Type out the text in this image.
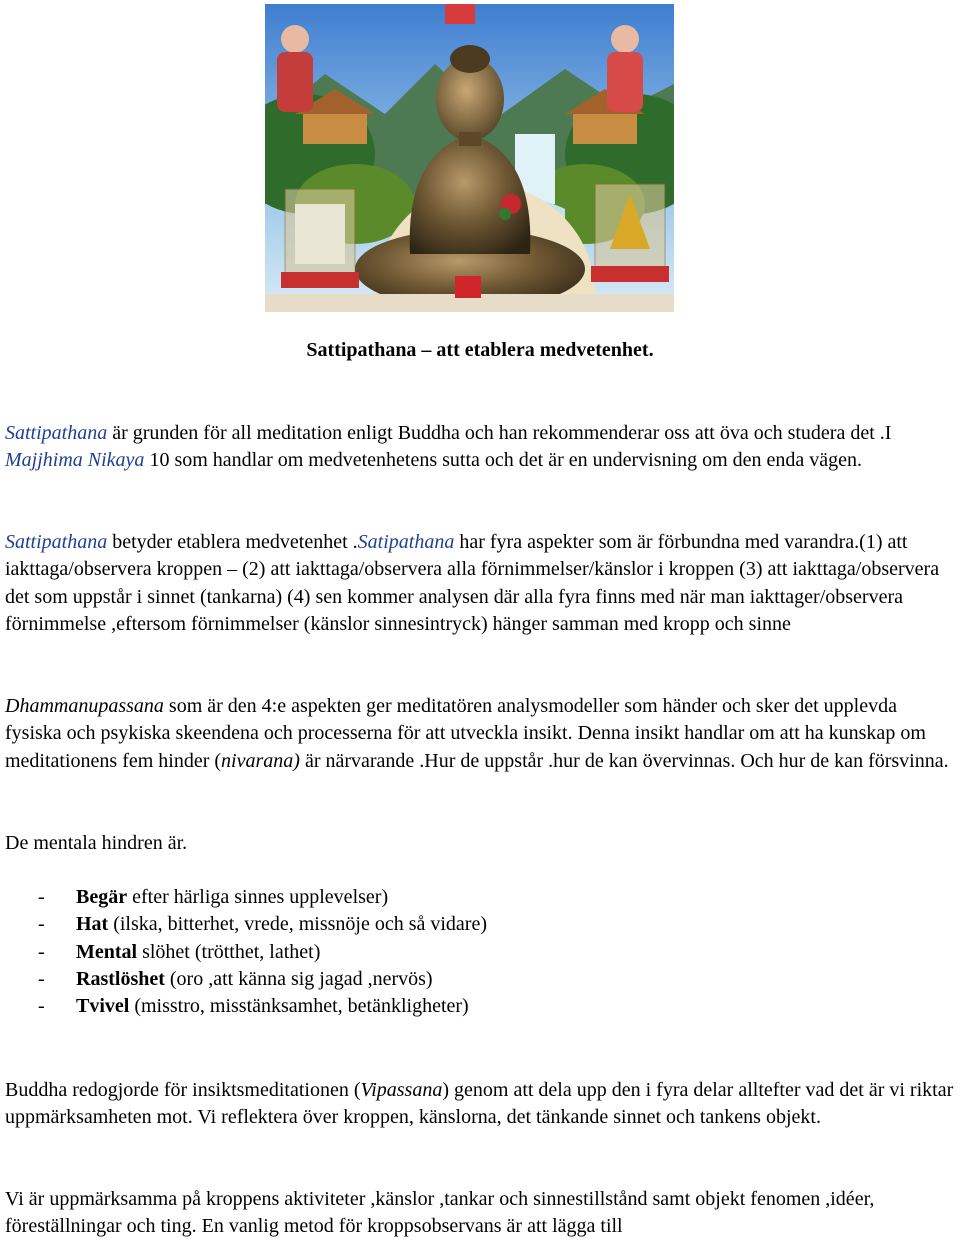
Sattipathana – att etablera medvetenhet.

Sattipathana är grunden för all meditation enligt Buddha och han rekommenderar oss att öva och studera det .I Majjhima Nikaya 10 som handlar om medvetenhetens sutta och det är en undervisning om den enda vägen.

Sattipathana betyder etablera medvetenhet .Satipathana har fyra aspekter som är förbundna med varandra.(1) att iakttaga/observera kroppen – (2) att iakttaga/observera alla förnimmelser/känslor i kroppen (3) att iakttaga/observera det som uppstår i sinnet (tankarna) (4) sen kommer analysen där alla fyra finns med när man iakttager/observera förnimmelse ,eftersom förnimmelser (känslor sinnesintryck) hänger samman med kropp och sinne

Dhammanupassana som är den 4:e aspekten ger meditatören analysmodeller som händer och sker det upplevda fysiska och psykiska skeendena och processerna för att utveckla insikt. Denna insikt handlar om att ha kunskap om meditationens fem hinder (nivarana) är närvarande .Hur de uppstår .hur de kan övervinnas. Och hur de kan försvinna.

De mentala hindren är.

- Begär efter härliga sinnes upplevelser)
- Hat (ilska, bitterhet, vrede, missnöje och så vidare)
- Mental slöhet (trötthet, lathet)
- Rastlöshet (oro ,att känna sig jagad ,nervös)
- Tvivel (misstro, misstänksamhet, betänkligheter)

Buddha redogjorde för insiktsmeditationen (Vipassana) genom att dela upp den i fyra delar alltefter vad det är vi riktar uppmärksamheten mot. Vi reflektera över kroppen, känslorna, det tänkande sinnet och tankens objekt.

Vi är uppmärksamma på kroppens aktiviteter ,känslor ,tankar och sinnestillstånd samt objekt fenomen ,idéer, föreställningar och ting. En vanlig metod för kroppsobservans är att lägga till
